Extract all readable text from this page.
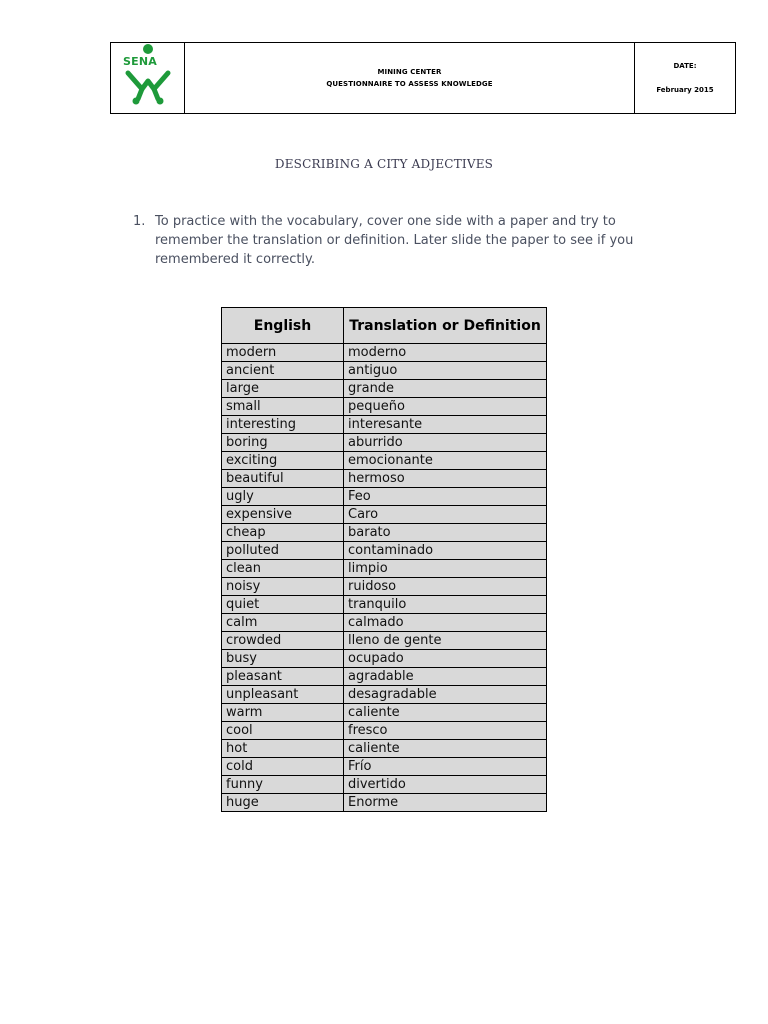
SENA
MINING CENTER
QUESTIONNAIRE TO ASSESS KNOWLEDGE
DATE:
February 2015
DESCRIBING A CITY ADJECTIVES
1. To practice with the vocabulary, cover one side with a paper and try to remember the translation or definition. Later slide the paper to see if you remembered it correctly.
English	Translation or Definition
modern	moderno
ancient	antiguo
large	grande
small	pequeño
interesting	interesante
boring	aburrido
exciting	emocionante
beautiful	hermoso
ugly	Feo
expensive	Caro
cheap	barato
polluted	contaminado
clean	limpio
noisy	ruidoso
quiet	tranquilo
calm	calmado
crowded	lleno de gente
busy	ocupado
pleasant	agradable
unpleasant	desagradable
warm	caliente
cool	fresco
hot	caliente
cold	Frío
funny	divertido
huge	Enorme
